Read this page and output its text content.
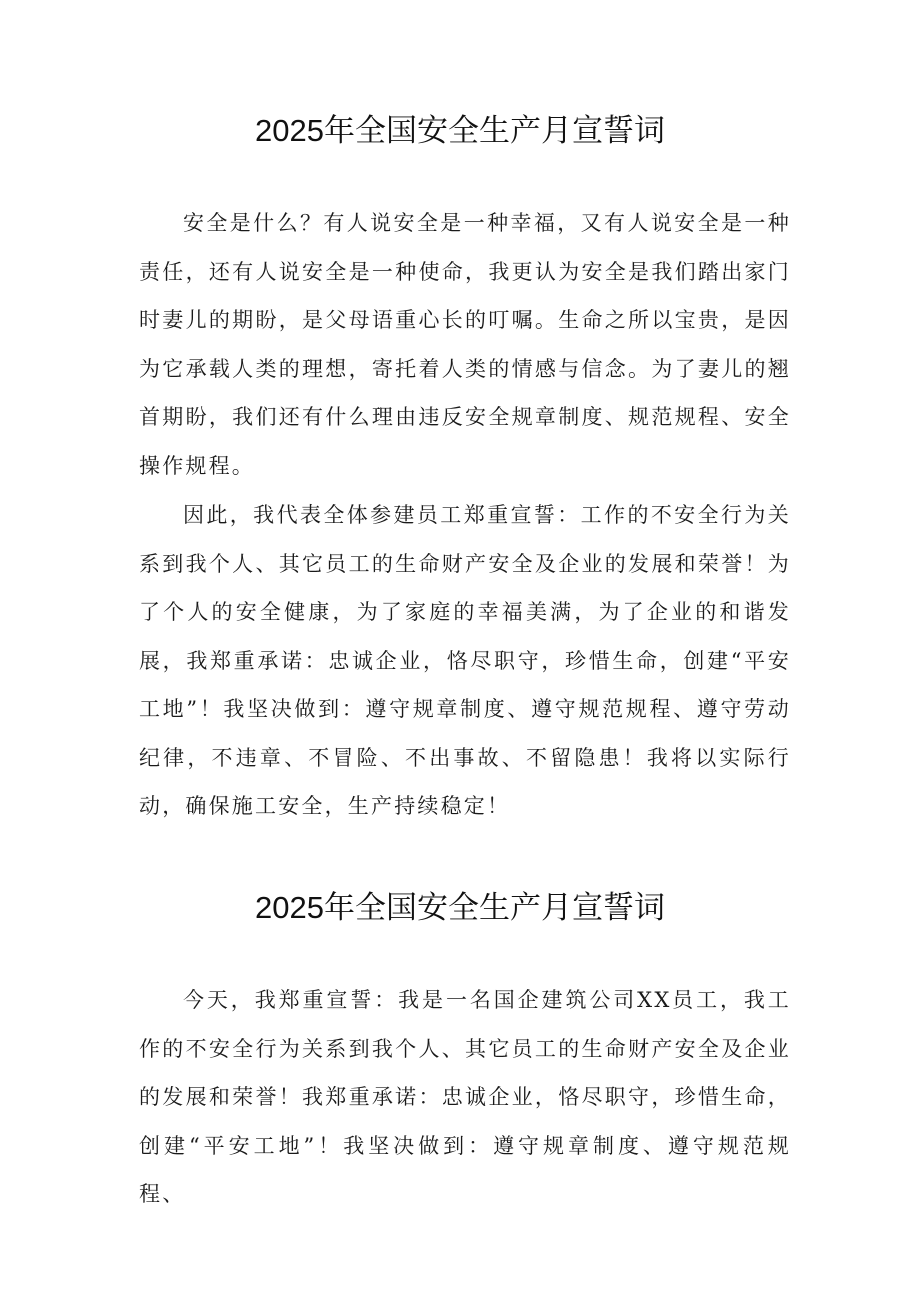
2025年全国安全生产月宣誓词

安全是什么？有人说安全是一种幸福，又有人说安全是一种责任，还有人说安全是一种使命，我更认为安全是我们踏出家门时妻儿的期盼，是父母语重心长的叮嘱。生命之所以宝贵，是因为它承载人类的理想，寄托着人类的情感与信念。为了妻儿的翘首期盼，我们还有什么理由违反安全规章制度、规范规程、安全操作规程。

因此，我代表全体参建员工郑重宣誓：工作的不安全行为关系到我个人、其它员工的生命财产安全及企业的发展和荣誉！为了个人的安全健康，为了家庭的幸福美满，为了企业的和谐发展，我郑重承诺：忠诚企业，恪尽职守，珍惜生命，创建“平安工地”！我坚决做到：遵守规章制度、遵守规范规程、遵守劳动纪律，不违章、不冒险、不出事故、不留隐患！我将以实际行动，确保施工安全，生产持续稳定！

2025年全国安全生产月宣誓词

今天，我郑重宣誓：我是一名国企建筑公司XX员工，我工作的不安全行为关系到我个人、其它员工的生命财产安全及企业的发展和荣誉！我郑重承诺：忠诚企业，恪尽职守，珍惜生命，创建“平安工地”！我坚决做到：遵守规章制度、遵守规范规程、
